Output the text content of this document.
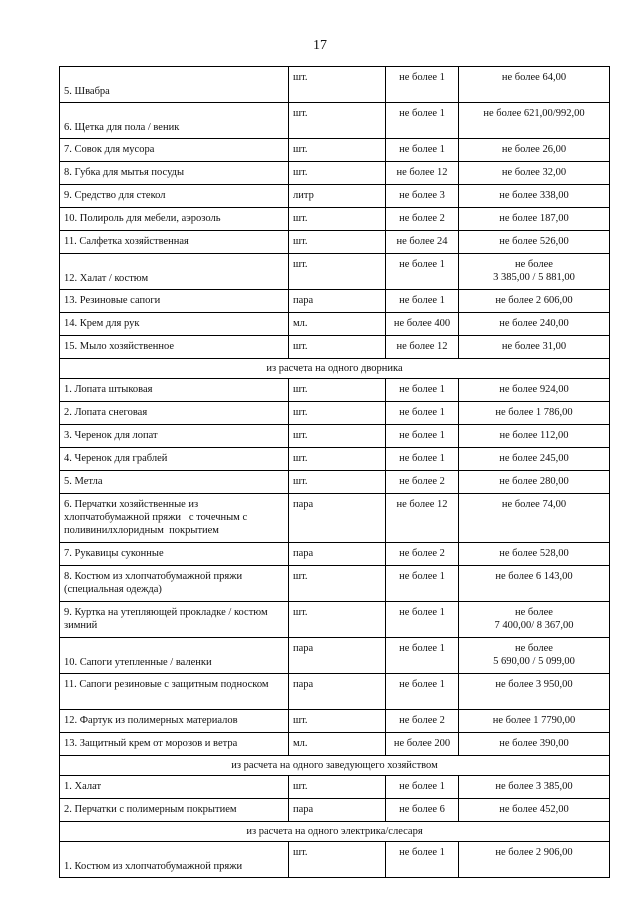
17
5. Швабра	шт.	не более 1	не более 64,00
6. Щетка для пола / веник	шт.	не более 1	не более 621,00/992,00
7. Совок для мусора	шт.	не более 1	не более 26,00
8. Губка для мытья посуды	шт.	не более 12	не более 32,00
9. Средство для стекол	литр	не более 3	не более 338,00
10. Полироль для мебели, аэрозоль	шт.	не более 2	не более 187,00
11. Салфетка хозяйственная	шт.	не более 24	не более 526,00
12. Халат / костюм	шт.	не более 1	не более
3 385,00 / 5 881,00
13. Резиновые сапоги	пара	не более 1	не более 2 606,00
14. Крем для рук	мл.	не более 400	не более 240,00
15. Мыло хозяйственное	шт.	не более 12	не более 31,00
из расчета на одного дворника			
1. Лопата штыковая	шт.	не более 1	не более 924,00
2. Лопата снеговая	шт.	не более 1	не более 1 786,00
3. Черенок для лопат	шт.	не более 1	не более 112,00
4. Черенок для граблей	шт.	не более 1	не более 245,00
5. Метла	шт.	не более 2	не более 280,00
6. Перчатки хозяйственные из хлопчатобумажной пряжи   с точечным с поливинилхлоридным  покрытием	пара	не более 12	не более 74,00
7. Рукавицы суконные	пара	не более 2	не более 528,00
8. Костюм из хлопчатобумажной пряжи (специальная одежда)	шт.	не более 1	не более 6 143,00
9. Куртка на утепляющей прокладке / костюм зимний	шт.	не более 1	не более
7 400,00/ 8 367,00
10. Сапоги утепленные / валенки	пара	не более 1	не более
5 690,00 / 5 099,00
11. Сапоги резиновые с защитным подноском	пара	не более 1	не более 3 950,00
12. Фартук из полимерных материалов	шт.	не более 2	не более 1 7790,00
13. Защитный крем от морозов и ветра	мл.	не более 200	не более 390,00
из расчета на одного заведующего хозяйством			
1. Халат	шт.	не более 1	не более 3 385,00
2. Перчатки с полимерным покрытием	пара	не более 6	не более 452,00
из расчета на одного электрика/слесаря			
1. Костюм из хлопчатобумажной пряжи	шт.	не более 1	не более 2 906,00
